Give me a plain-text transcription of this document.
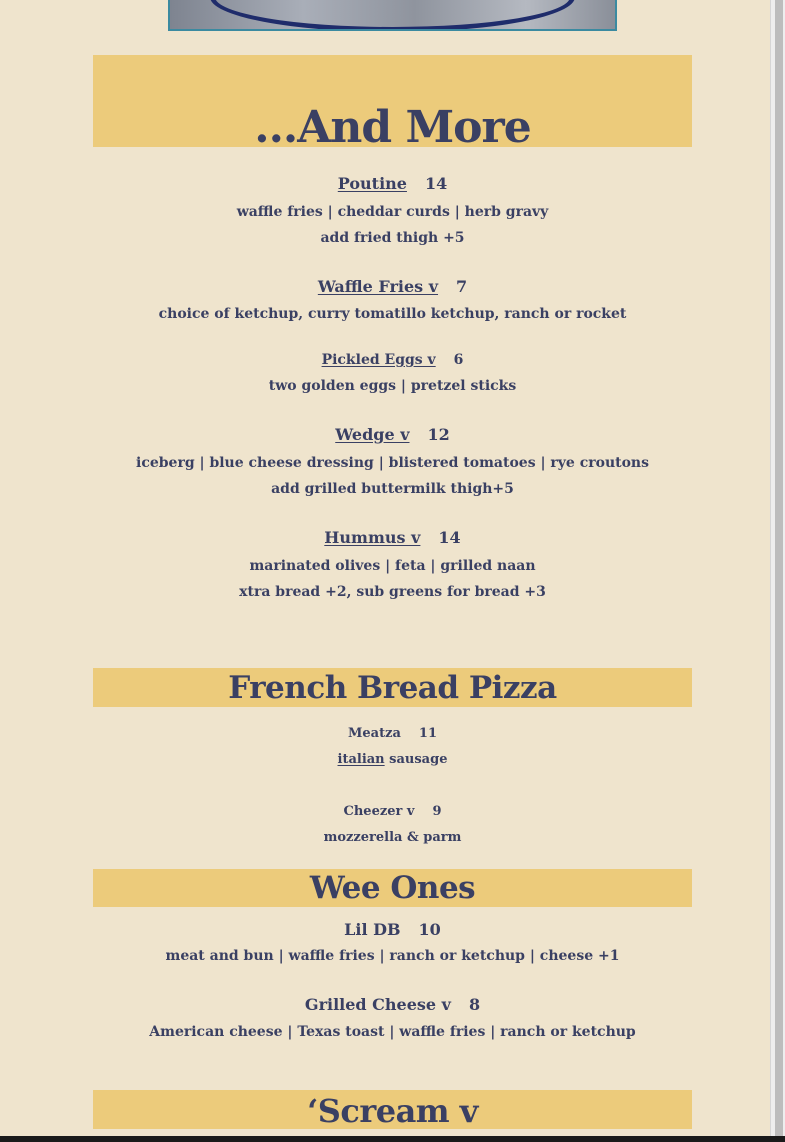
...And More
Poutine 14
waffle fries | cheddar curds | herb gravy
add fried thigh +5
Waffle Fries v 7
choice of ketchup, curry tomatillo ketchup, ranch or rocket
Pickled Eggs v 6
two golden eggs | pretzel sticks
Wedge v 12
iceberg | blue cheese dressing | blistered tomatoes | rye croutons
add grilled buttermilk thigh+5
Hummus v 14
marinated olives | feta | grilled naan
xtra bread +2, sub greens for bread +3
French Bread Pizza
Meatza 11
italian sausage
Cheezer v 9
mozzerella & parm
Wee Ones
Lil DB 10
meat and bun | waffle fries | ranch or ketchup | cheese +1
Grilled Cheese v 8
American cheese | Texas toast | waffle fries | ranch or ketchup
‘Scream v
